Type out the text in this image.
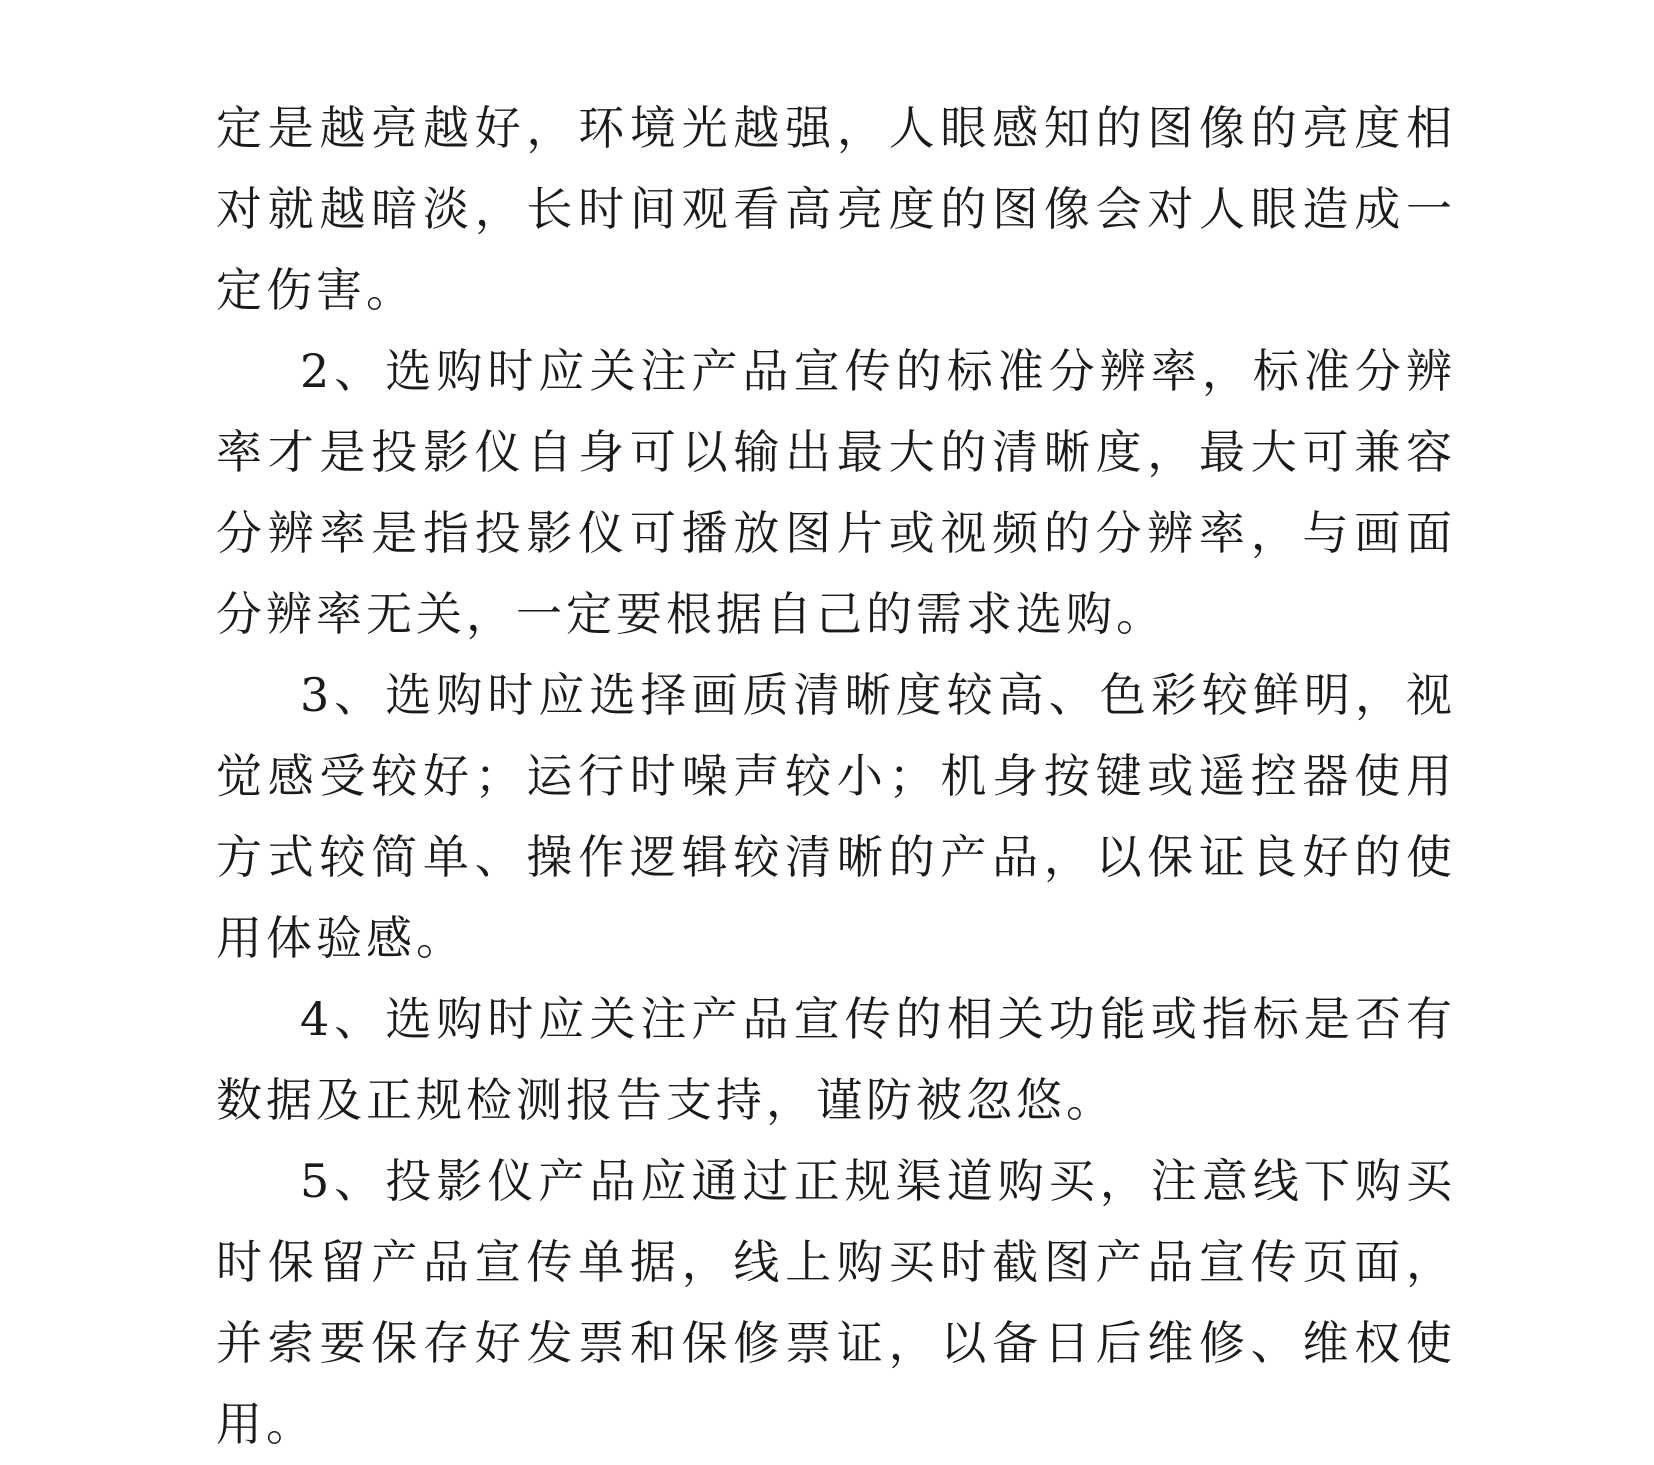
定是越亮越好，环境光越强，人眼感知的图像的亮度相对就越暗淡，长时间观看高亮度的图像会对人眼造成一定伤害。

2、选购时应关注产品宣传的标准分辨率，标准分辨率才是投影仪自身可以输出最大的清晰度，最大可兼容分辨率是指投影仪可播放图片或视频的分辨率，与画面分辨率无关，一定要根据自己的需求选购。

3、选购时应选择画质清晰度较高、色彩较鲜明，视觉感受较好；运行时噪声较小；机身按键或遥控器使用方式较简单、操作逻辑较清晰的产品，以保证良好的使用体验感。

4、选购时应关注产品宣传的相关功能或指标是否有数据及正规检测报告支持，谨防被忽悠。

5、投影仪产品应通过正规渠道购买，注意线下购买时保留产品宣传单据，线上购买时截图产品宣传页面，并索要保存好发票和保修票证，以备日后维修、维权使用。
